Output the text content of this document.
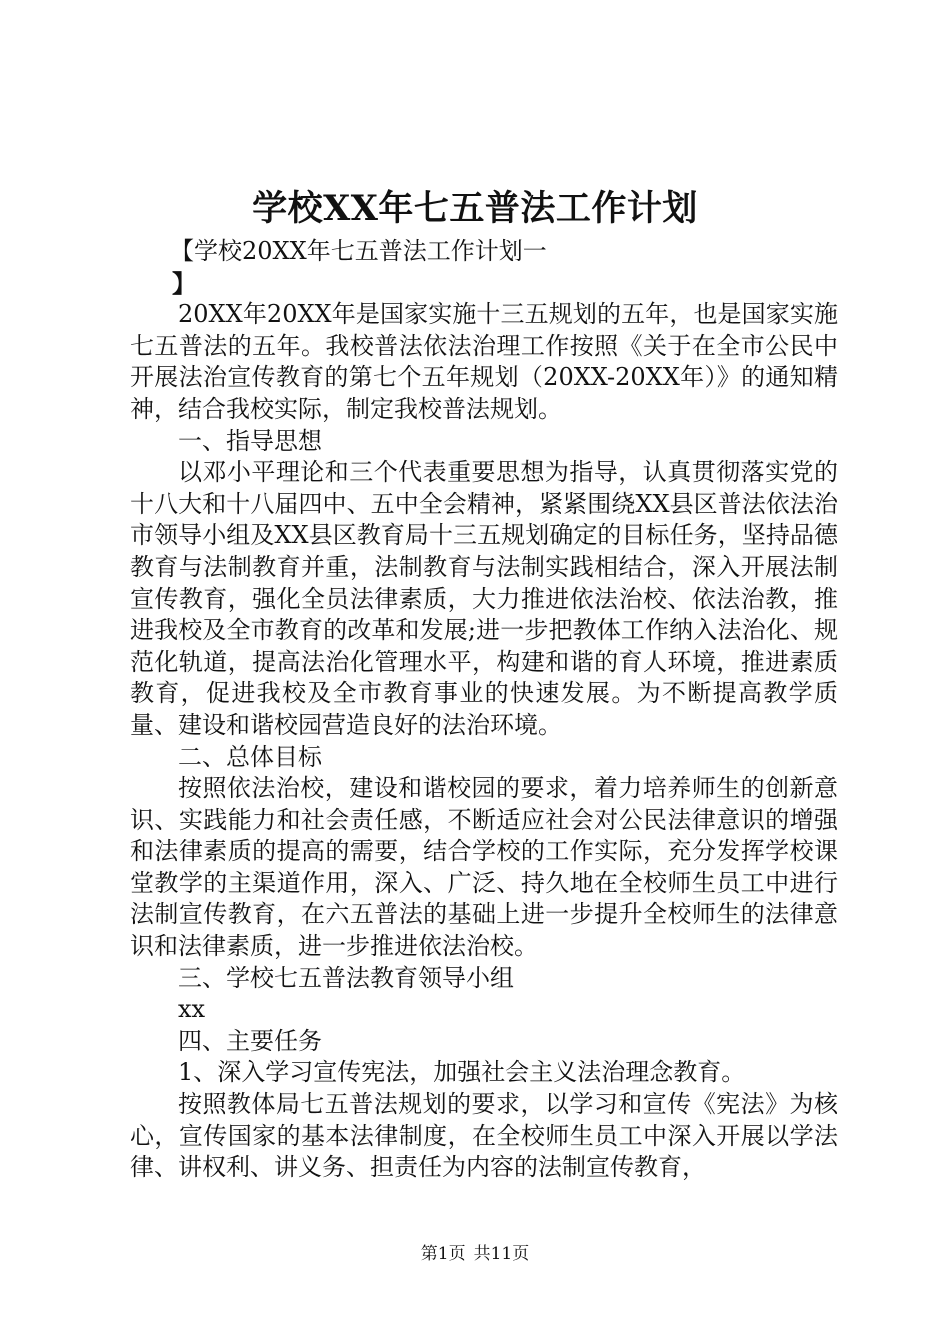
学校XX年七五普法工作计划

【学校20XX年七五普法工作计划一

】

20XX年20XX年是国家实施十三五规划的五年，也是国家实施七五普法的五年。我校普法依法治理工作按照《关于在全市公民中开展法治宣传教育的第七个五年规划（20XX-20XX年）》的通知精神，结合我校实际，制定我校普法规划。

一、指导思想

以邓小平理论和三个代表重要思想为指导，认真贯彻落实党的十八大和十八届四中、五中全会精神，紧紧围绕XX县区普法依法治市领导小组及XX县区教育局十三五规划确定的目标任务，坚持品德教育与法制教育并重，法制教育与法制实践相结合，深入开展法制宣传教育，强化全员法律素质，大力推进依法治校、依法治教，推进我校及全市教育的改革和发展;进一步把教体工作纳入法治化、规范化轨道，提高法治化管理水平，构建和谐的育人环境，推进素质教育，促进我校及全市教育事业的快速发展。为不断提高教学质量、建设和谐校园营造良好的法治环境。

二、总体目标

按照依法治校，建设和谐校园的要求，着力培养师生的创新意识、实践能力和社会责任感，不断适应社会对公民法律意识的增强和法律素质的提高的需要，结合学校的工作实际，充分发挥学校课堂教学的主渠道作用，深入、广泛、持久地在全校师生员工中进行法制宣传教育，在六五普法的基础上进一步提升全校师生的法律意识和法律素质，进一步推进依法治校。

三、学校七五普法教育领导小组

xx

四、主要任务

1、深入学习宣传宪法，加强社会主义法治理念教育。

按照教体局七五普法规划的要求，以学习和宣传《宪法》为核心，宣传国家的基本法律制度，在全校师生员工中深入开展以学法律、讲权利、讲义务、担责任为内容的法制宣传教育，

第1页 共11页
